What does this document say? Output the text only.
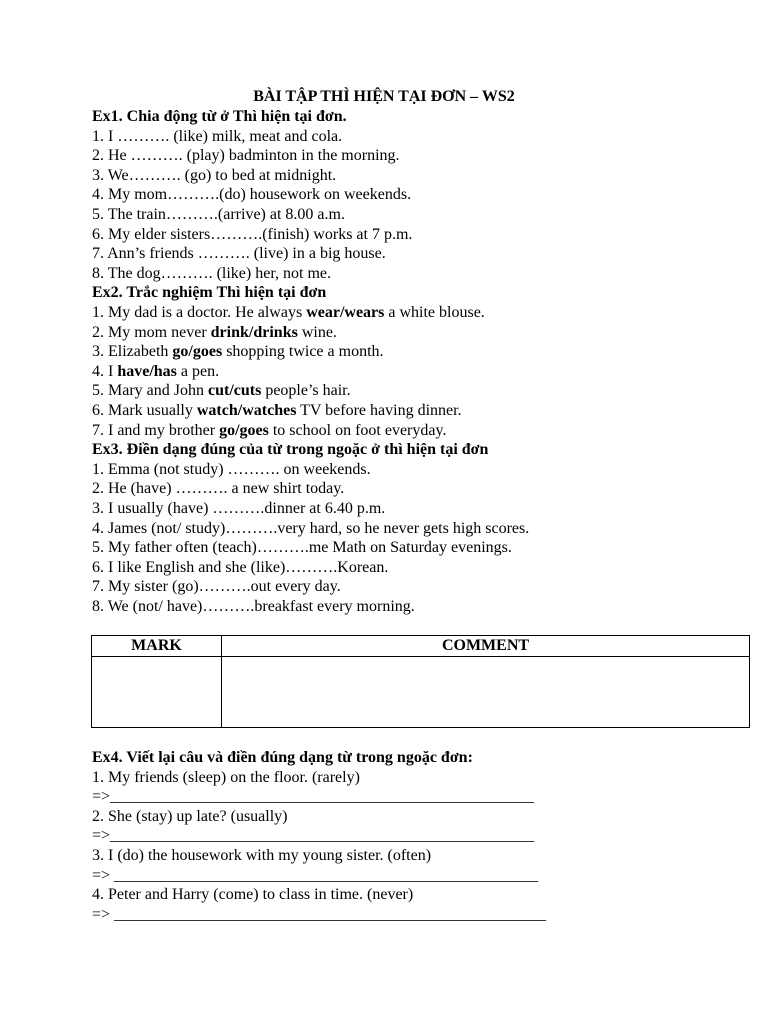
BÀI TẬP THÌ HIỆN TẠI ĐƠN – WS2
Ex1. Chia động từ ở Thì hiện tại đơn.
1. I ………. (like) milk, meat and cola.
2. He ………. (play) badminton in the morning.
3. We………. (go) to bed at midnight.
4. My mom……….(do) housework on weekends.
5. The train……….(arrive) at 8.00 a.m.
6. My elder sisters……….(finish) works at 7 p.m.
7. Ann’s friends ………. (live) in a big house.
8. The dog………. (like) her, not me.
Ex2. Trắc nghiệm Thì hiện tại đơn
1. My dad is a doctor. He always wear/wears a white blouse.
2. My mom never drink/drinks wine.
3. Elizabeth go/goes shopping twice a month.
4. I have/has a pen.
5. Mary and John cut/cuts people’s hair.
6. Mark usually watch/watches TV before having dinner.
7. I and my brother go/goes to school on foot everyday.
Ex3. Điền dạng đúng của từ trong ngoặc ở thì hiện tại đơn
1. Emma (not study) ………. on weekends.
2. He (have) ………. a new shirt today.
3. I usually (have) ……….dinner at 6.40 p.m.
4. James (not/ study)……….very hard, so he never gets high scores.
5. My father often (teach)……….me Math on Saturday evenings.
6. I like English and she (like)……….Korean.
7. My sister (go)……….out every day.
8. We (not/ have)……….breakfast every morning.
MARK	COMMENT

Ex4. Viết lại câu và điền đúng dạng từ trong ngoặc đơn:
1. My friends (sleep) on the floor. (rarely)
=>_____________________________________________________
2. She (stay) up late? (usually)
=>_____________________________________________________
3. I (do) the housework with my young sister. (often)
=> _____________________________________________________
4. Peter and Harry (come) to class in time. (never)
=> ______________________________________________________
